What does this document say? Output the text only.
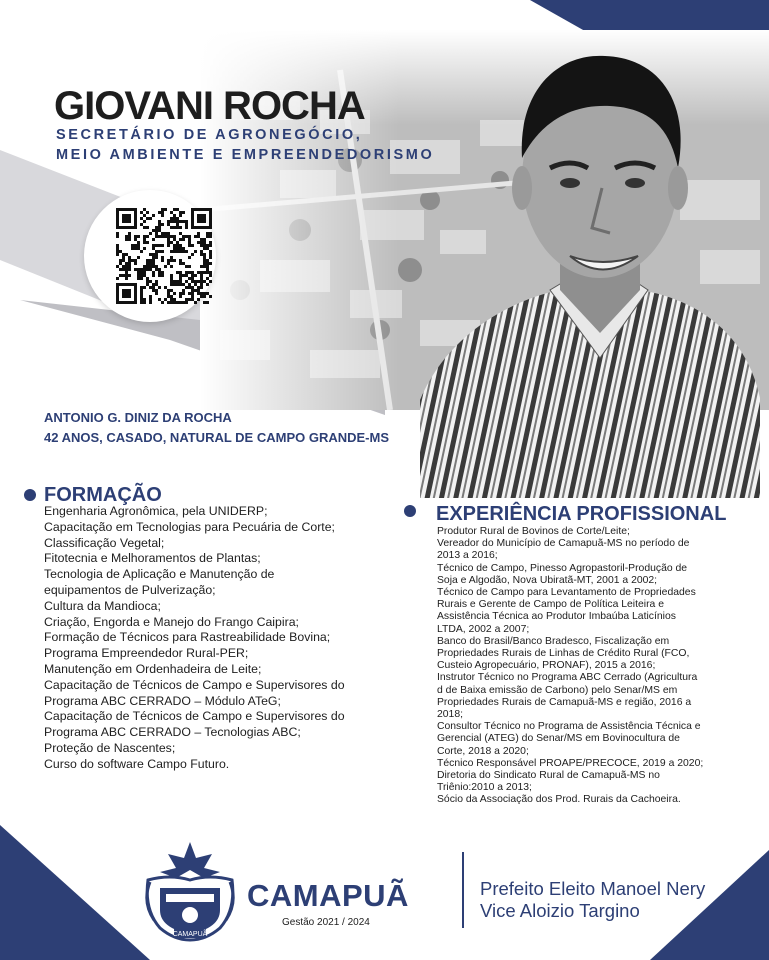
GIOVANI ROCHA
SECRETÁRIO DE AGRONEGÓCIO,
MEIO AMBIENTE E EMPREENDEDORISMO
ANTONIO G. DINIZ DA ROCHA
42 ANOS, CASADO, NATURAL DE CAMPO GRANDE-MS
FORMAÇÃO
Engenharia Agronômica, pela UNIDERP;
Capacitação em Tecnologias para Pecuária de Corte;
Classificação Vegetal;
Fitotecnia e Melhoramentos de Plantas;
Tecnologia de Aplicação e Manutenção de
equipamentos de Pulverização;
Cultura da Mandioca;
Criação, Engorda e Manejo do Frango Caipira;
Formação de Técnicos para Rastreabilidade Bovina;
Programa Empreendedor Rural-PER;
Manutenção em Ordenhadeira de Leite;
Capacitação de Técnicos de Campo e Supervisores do
Programa ABC CERRADO – Módulo ATeG;
Capacitação de Técnicos de Campo e Supervisores do
Programa ABC CERRADO – Tecnologias ABC;
Proteção de Nascentes;
Curso do software Campo Futuro.
EXPERIÊNCIA PROFISSIONAL
Produtor Rural de Bovinos de Corte/Leite;
Vereador do Município de Camapuã-MS no período de
2013 a 2016;
Técnico de Campo, Pinesso Agropastoril-Produção de
Soja e Algodão, Nova Ubiratã-MT, 2001 a 2002;
Técnico de Campo para Levantamento de Propriedades
Rurais e Gerente de Campo de Política Leiteira e
Assistência Técnica ao Produtor Imbaúba Laticínios
LTDA, 2002 a 2007;
Banco do Brasil/Banco Bradesco, Fiscalização em
Propriedades Rurais de Linhas de Crédito Rural (FCO,
Custeio Agropecuário, PRONAF), 2015 a 2016;
Instrutor Técnico no Programa ABC Cerrado (Agricultura
d de Baixa emissão de Carbono) pelo Senar/MS em
Propriedades Rurais de Camapuã-MS e região, 2016 a
2018;
Consultor Técnico no Programa de Assistência Técnica e
Gerencial (ATEG) do Senar/MS em Bovinocultura de
Corte, 2018 a 2020;
Técnico Responsável PROAPE/PRECOCE, 2019 a 2020;
Diretoria do Sindicato Rural de Camapuã-MS no
Triênio:2010 a 2013;
Sócio da Associação dos Prod. Rurais da Cachoeira.
CAMAPUÃ
CAMAPUÃ
Gestão 2021 / 2024
Prefeito Eleito Manoel Nery
Vice Aloizio Targino
